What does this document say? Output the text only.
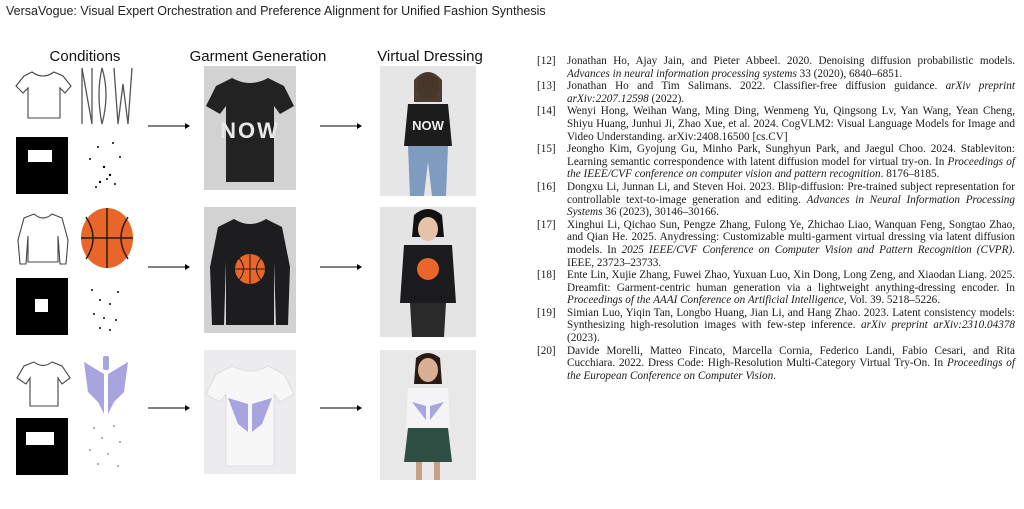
VersaVogue: Visual Expert Orchestration and Preference Alignment for Unified Fashion Synthesis
Conditions	Garment Generation	Virtual Dressing
NOW	NOW

[12] Jonathan Ho, Ajay Jain, and Pieter Abbeel. 2020. Denoising diffusion probabilistic models. Advances in neural information processing systems 33 (2020), 6840–6851.

[13] Jonathan Ho and Tim Salimans. 2022. Classifier-free diffusion guidance. arXiv preprint arXiv:2207.12598 (2022).

[14] Wenyi Hong, Weihan Wang, Ming Ding, Wenmeng Yu, Qingsong Lv, Yan Wang, Yean Cheng, Shiyu Huang, Junhui Ji, Zhao Xue, et al. 2024. CogVLM2: Visual Language Models for Image and Video Understanding. arXiv:2408.16500 [cs.CV]

[15] Jeongho Kim, Gyojung Gu, Minho Park, Sunghyun Park, and Jaegul Choo. 2024. Stableviton: Learning semantic correspondence with latent diffusion model for virtual try-on. In Proceedings of the IEEE/CVF conference on computer vision and pattern recognition. 8176–8185.

[16] Dongxu Li, Junnan Li, and Steven Hoi. 2023. Blip-diffusion: Pre-trained subject representation for controllable text-to-image generation and editing. Advances in Neural Information Processing Systems 36 (2023), 30146–30166.

[17] Xinghui Li, Qichao Sun, Pengze Zhang, Fulong Ye, Zhichao Liao, Wanquan Feng, Songtao Zhao, and Qian He. 2025. Anydressing: Customizable multi-garment virtual dressing via latent diffusion models. In 2025 IEEE/CVF Conference on Computer Vision and Pattern Recognition (CVPR). IEEE, 23723–23733.

[18] Ente Lin, Xujie Zhang, Fuwei Zhao, Yuxuan Luo, Xin Dong, Long Zeng, and Xiaodan Liang. 2025. Dreamfit: Garment-centric human generation via a lightweight anything-dressing encoder. In Proceedings of the AAAI Conference on Artificial Intelligence, Vol. 39. 5218–5226.

[19] Simian Luo, Yiqin Tan, Longbo Huang, Jian Li, and Hang Zhao. 2023. Latent consistency models: Synthesizing high-resolution images with few-step inference. arXiv preprint arXiv:2310.04378 (2023).

[20] Davide Morelli, Matteo Fincato, Marcella Cornia, Federico Landi, Fabio Cesari, and Rita Cucchiara. 2022. Dress Code: High-Resolution Multi-Category Virtual Try-On. In Proceedings of the European Conference on Computer Vision.
